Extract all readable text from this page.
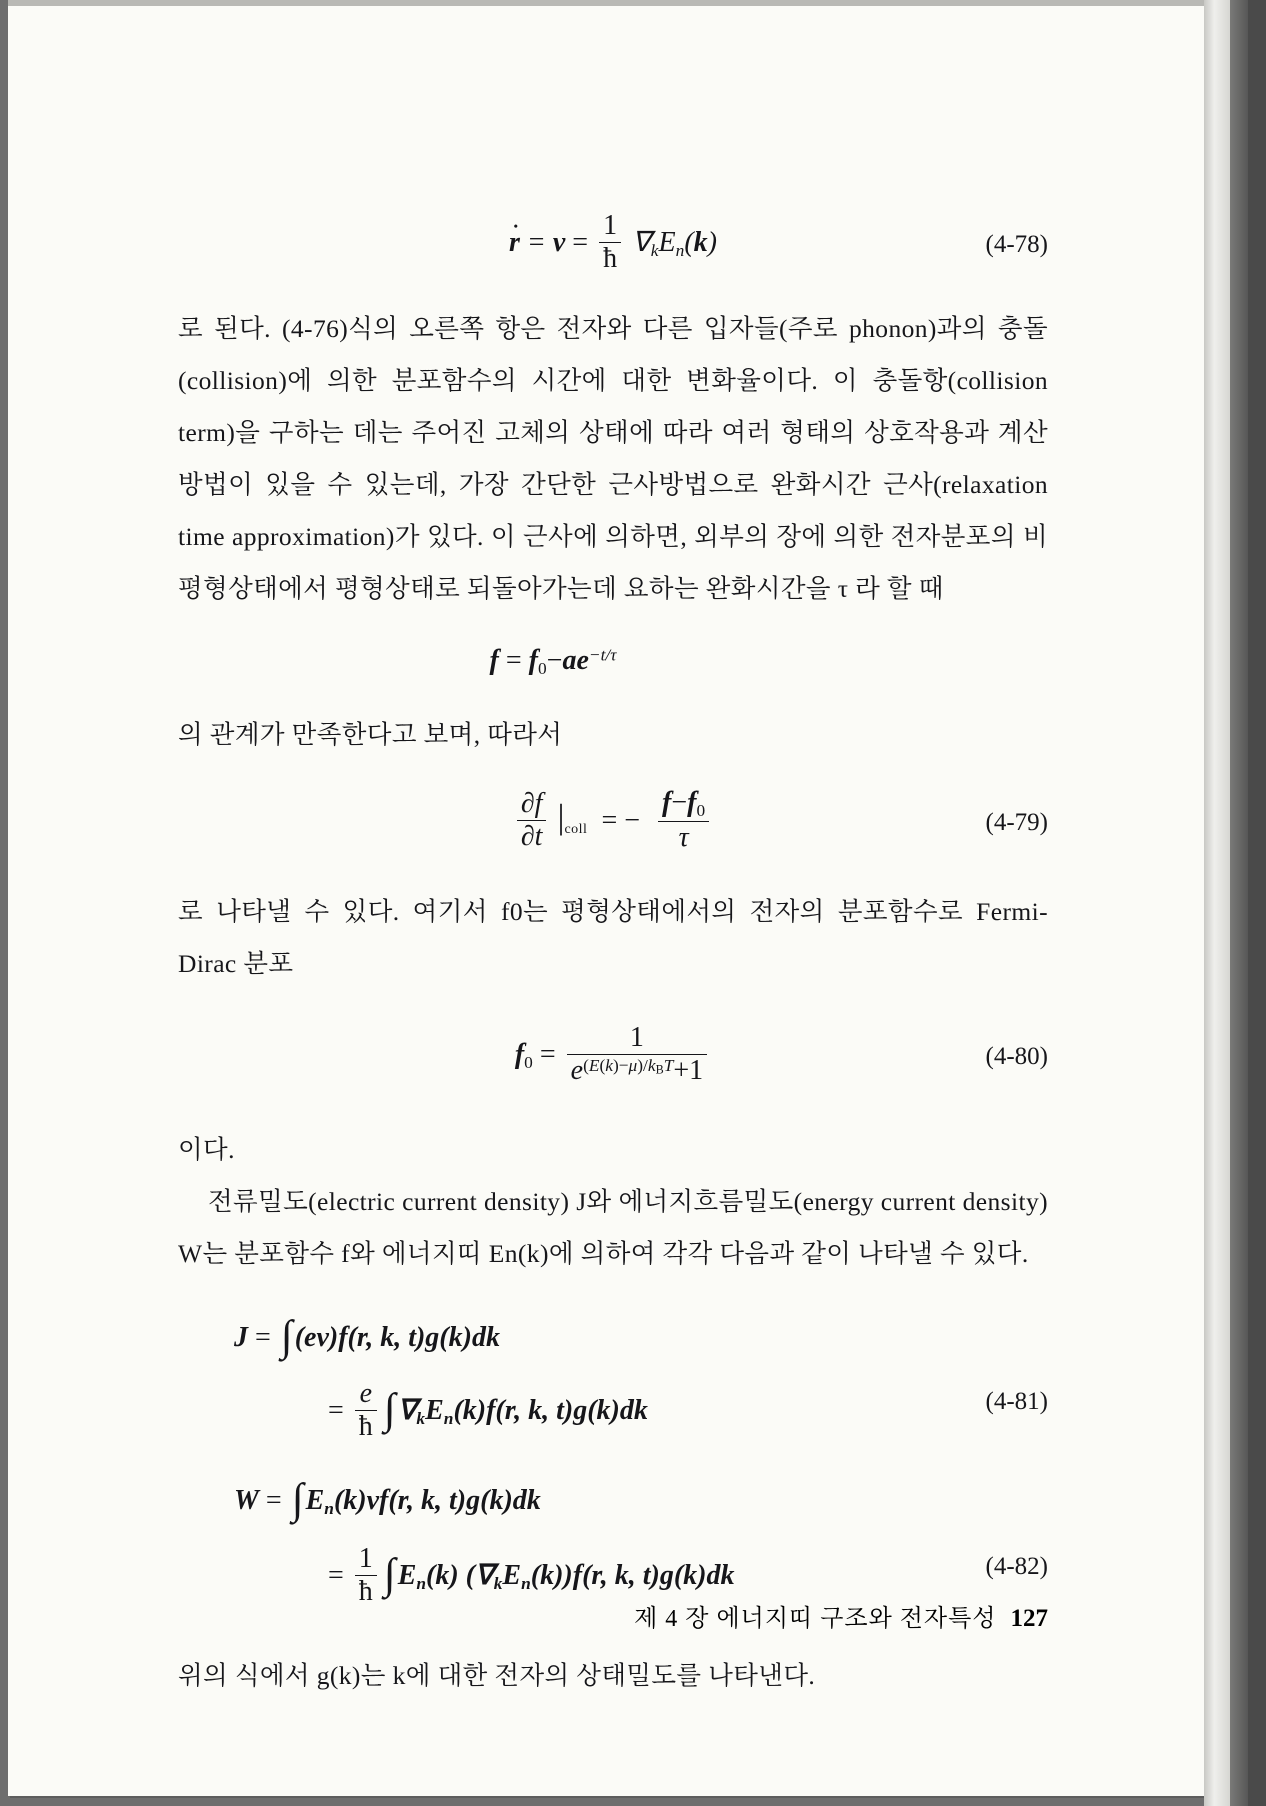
r • = $v = \frac{1}{ħ} \nabla_kE_n(k)$	(4-78)

로 된다. (4-76)식의 오른쪽 항은 전자와 다른 입자들(주로 phonon)과의 충돌(collision)에 의한 분포함수의 시간에 대한 변화율이다. 이 충돌항(collision term)을 구하는 데는 주어진 고체의 상태에 따라 여러 형태의 상호작용과 계산방법이 있을 수 있는데, 가장 간단한 근사방법으로 완화시간 근사(relaxation time approximation)가 있다. 이 근사에 의하면, 외부의 장에 의한 전자분포의 비평형상태에서 평형상태로 되돌아가는데 요하는 완화시간을 τ 라 할 때

$f = f_0-ae^{-t/\tau}$

의 관계가 만족한다고 보며, 따라서

$\frac{\partial f}{\partial t}$ |coll  = − $\frac{f-f_0}{\tau}$	(4-79)

로 나타낼 수 있다. 여기서 f0는 평형상태에서의 전자의 분포함수로 Fermi-Dirac 분포

$f_0 = \frac{1}{e^{(E(k)-\mu)/kBT}+1}$	(4-80)

이다.

전류밀도(electric current density) J와 에너지흐름밀도(energy current density) W는 분포함수 f와 에너지띠 En(k)에 의하여 각각 다음과 같이 나타낼 수 있다.

J = ∫(ev)f(r, k, t)g(k)dk
= $\frac{e}{ħ} \int\nabla_kE_n(k)f(r$, k, t)g(k)dk	(4-81)
$W = \int E_n(k)vf(r$, k, t)g(k)dk
= $\frac{1}{ħ} \int E_n(k)$ $(\nabla_kE_n(k))f(r$, k, t)g(k)dk	(4-82)

위의 식에서 g(k)는 k에 대한 전자의 상태밀도를 나타낸다.

제 4 장 에너지띠 구조와 전자특성 127
